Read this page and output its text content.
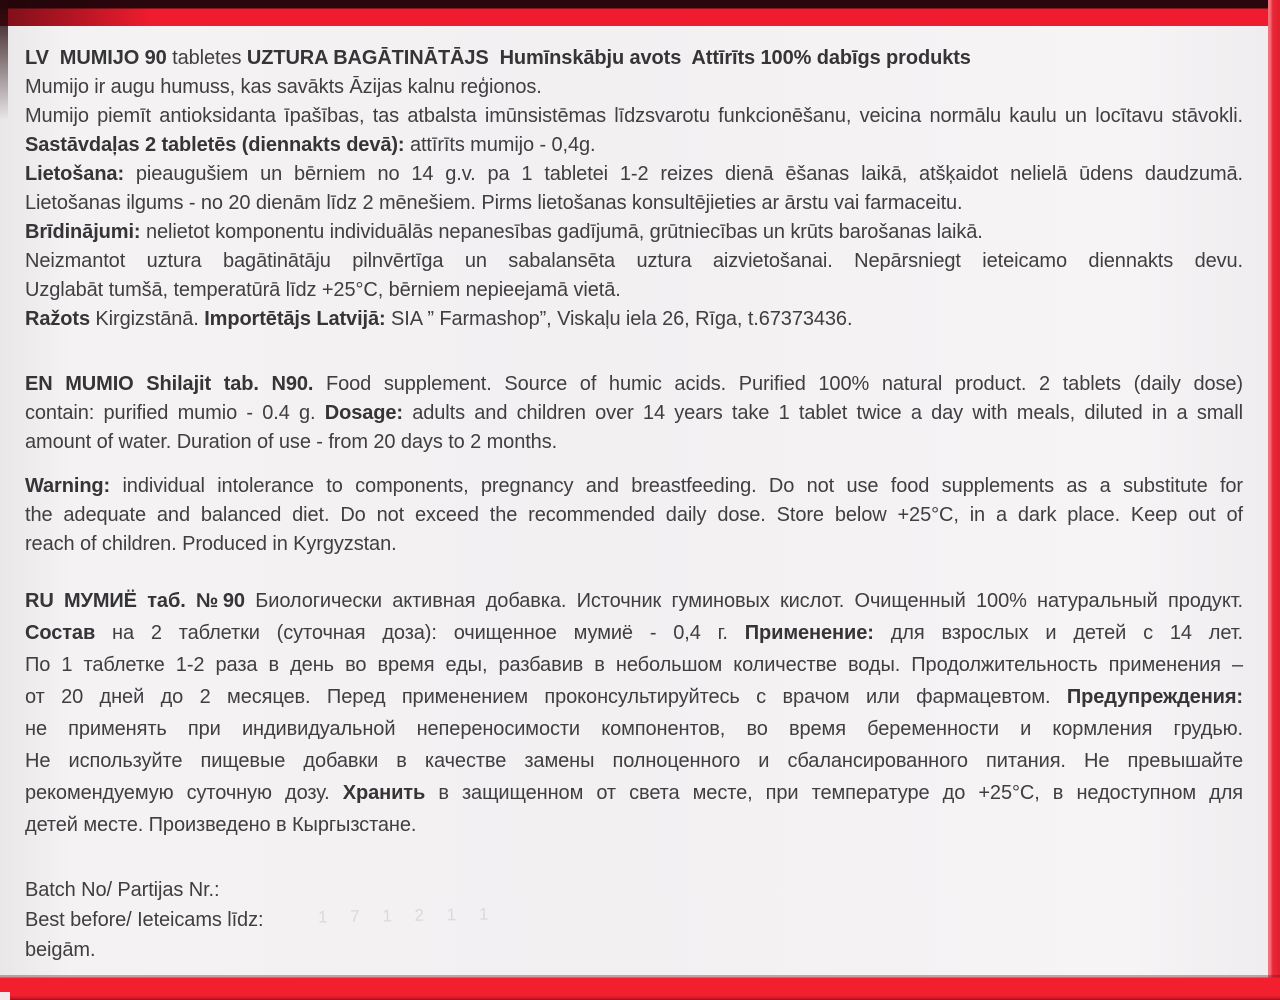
LV  MUMIJO 90 tabletes UZTURA BAGĀTINĀTĀJS  Humīnskābju avots  Attīrīts 100% dabīgs produkts
Mumijo ir augu humuss, kas savākts Āzijas kalnu reģionos.
Mumijo piemīt antioksidanta īpašības, tas atbalsta imūnsistēmas līdzsvarotu funkcionēšanu, veicina normālu kaulu un locītavu stāvokli.
Sastāvdaļas 2 tabletēs (diennakts devā): attīrīts mumijo - 0,4g.
Lietošana: pieaugušiem un bērniem no 14 g.v. pa 1 tabletei 1-2 reizes dienā ēšanas laikā, atšķaidot nelielā ūdens daudzumā.
Lietošanas ilgums - no 20 dienām līdz 2 mēnešiem. Pirms lietošanas konsultējieties ar ārstu vai farmaceitu.
Brīdinājumi: nelietot komponentu individuālās nepanesības gadījumā, grūtniecības un krūts barošanas laikā.
Neizmantot uztura bagātinātāju pilnvērtīga un sabalansēta uztura aizvietošanai. Nepārsniegt ieteicamo diennakts devu.
Uzglabāt tumšā, temperatūrā līdz +25°C, bērniem nepieejamā vietā.
Ražots Kirgizstānā. Importētājs Latvijā: SIA ” Farmashop”, Viskaļu iela 26, Rīga, t.67373436.
EN MUMIO Shilajit tab. N90. Food supplement. Source of humic acids. Purified 100% natural product. 2 tablets (daily dose)
contain: purified mumio - 0.4 g. Dosage: adults and children over 14 years take 1 tablet twice a day with meals, diluted in a small
amount of water. Duration of use - from 20 days to 2 months.
Warning: individual intolerance to components, pregnancy and breastfeeding. Do not use food supplements as a substitute for
the adequate and balanced diet. Do not exceed the recommended daily dose. Store below +25°C, in a dark place. Keep out of
reach of children. Produced in Kyrgyzstan.
RU МУМИЁ таб. №90 Биологически активная добавка. Источник гуминовых кислот. Очищенный 100% натуральный продукт.
Состав на 2 таблетки (суточная доза): очищенное мумиё - 0,4 г. Применение: для взрослых и детей с 14 лет.
По 1 таблетке 1-2 раза в день во время еды, разбавив в небольшом количестве воды. Продолжительность применения –
от 20 дней до 2 месяцев. Перед применением проконсультируйтесь с врачом или фармацевтом. Предупреждения:
не применять при индивидуальной непереносимости компонентов, во время беременности и кормления грудью.
Не используйте пищевые добавки в качестве замены полноценного и сбалансированного питания. Не превышайте
рекомендуемую суточную дозу. Хранить в защищенном от света месте, при температуре до +25°C, в недоступном для
детей месте. Произведено в Кыргызстане.
Batch No/ Partijas Nr.:
Best before/ Ieteicams līdz:
beigām.
1 7 1 2 1 1
